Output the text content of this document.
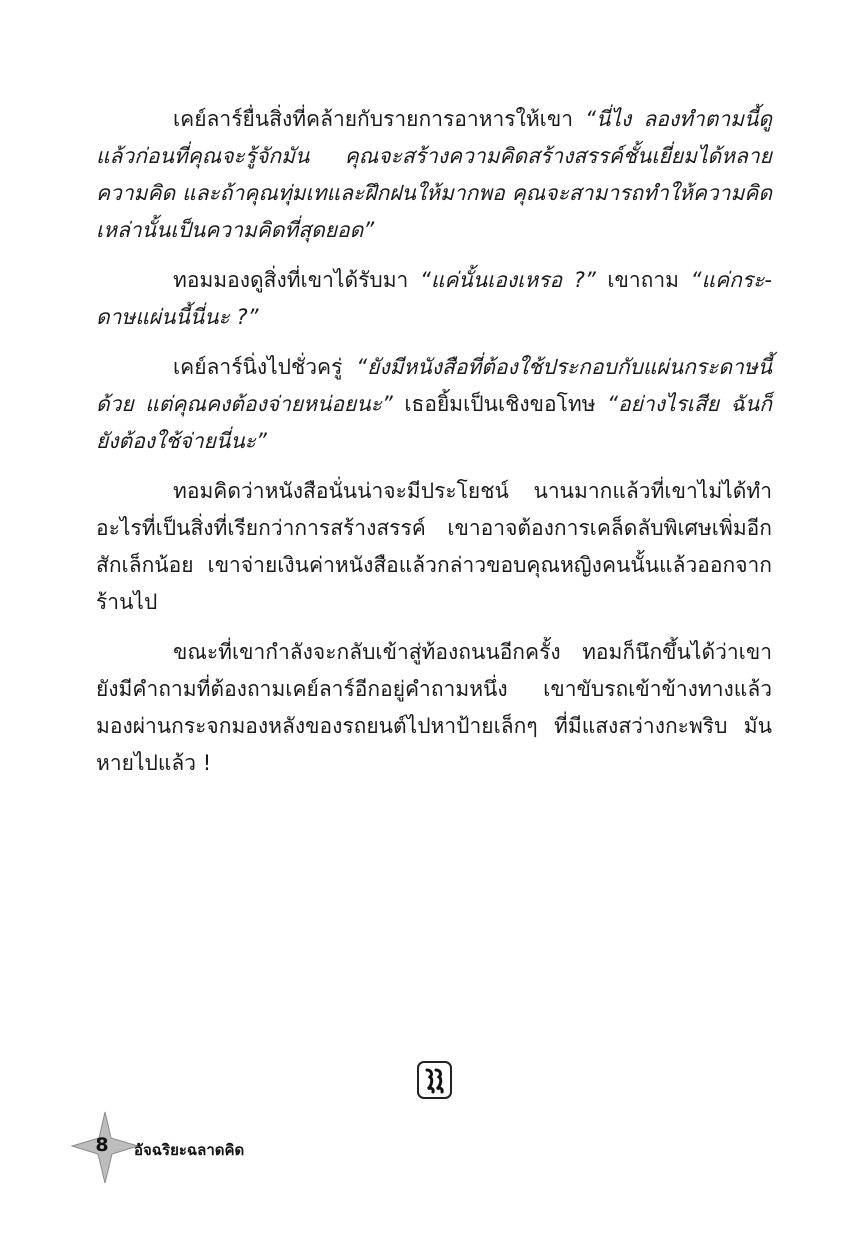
เคย์ลาร์ยื่นสิ่งที่คล้ายกับรายการอาหารให้เขา “นี่ไง ลองทำตามนี้ดู แล้วก่อนที่คุณจะรู้จักมัน คุณจะสร้างความคิดสร้างสรรค์ชั้นเยี่ยมได้หลายความคิด และถ้าคุณทุ่มเทและฝึกฝนให้มากพอ คุณจะสามารถทำให้ความคิดเหล่านั้นเป็นความคิดที่สุดยอด”

ทอมมองดูสิ่งที่เขาได้รับมา “แค่นั้นเองเหรอ ?” เขาถาม “แค่กระ-ดาษแผ่นนี้นี่นะ ?”

เคย์ลาร์นิ่งไปชั่วครู่ “ยังมีหนังสือที่ต้องใช้ประกอบกับแผ่นกระดาษนี้ด้วย แต่คุณคงต้องจ่ายหน่อยนะ” เธอยิ้มเป็นเชิงขอโทษ “อย่างไรเสีย ฉันก็ยังต้องใช้จ่ายนี่นะ”

ทอมคิดว่าหนังสือนั่นน่าจะมีประโยชน์ นานมากแล้วที่เขาไม่ได้ทำอะไรที่เป็นสิ่งที่เรียกว่าการสร้างสรรค์ เขาอาจต้องการเคล็ดลับพิเศษเพิ่มอีกสักเล็กน้อย เขาจ่ายเงินค่าหนังสือแล้วกล่าวขอบคุณหญิงคนนั้นแล้วออกจากร้านไป

ขณะที่เขากำลังจะกลับเข้าสู่ท้องถนนอีกครั้ง ทอมก็นึกขึ้นได้ว่าเขายังมีคำถามที่ต้องถามเคย์ลาร์อีกอยู่คำถามหนึ่ง เขาขับรถเข้าข้างทางแล้วมองผ่านกระจกมองหลังของรถยนต์ไปหาป้ายเล็กๆ ที่มีแสงสว่างกะพริบ มันหายไปแล้ว !

8 อัจฉริยะฉลาดคิด
